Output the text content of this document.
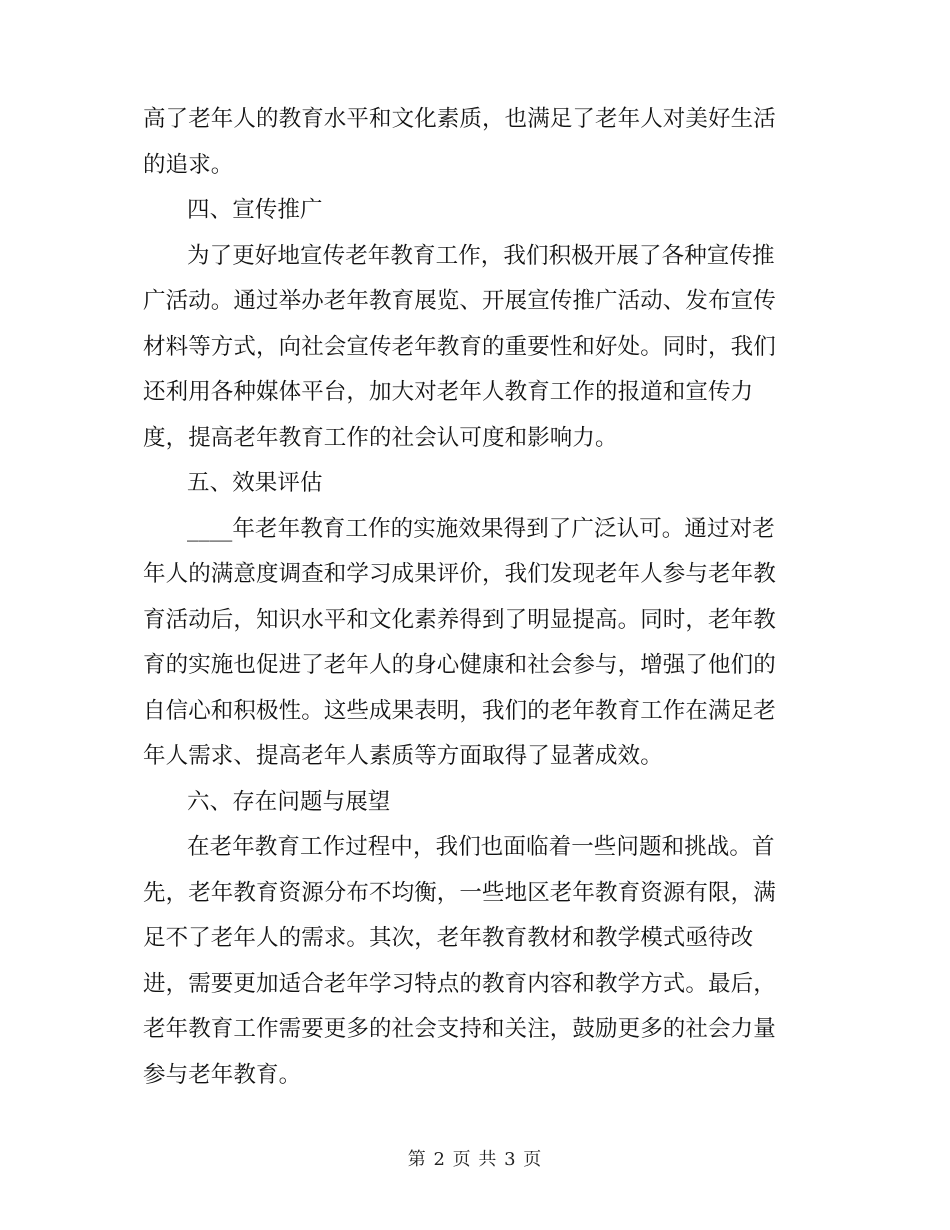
高了老年人的教育水平和文化素质，也满足了老年人对美好生活
的追求。
四、宣传推广
为了更好地宣传老年教育工作，我们积极开展了各种宣传推
广活动。通过举办老年教育展览、开展宣传推广活动、发布宣传
材料等方式，向社会宣传老年教育的重要性和好处。同时，我们
还利用各种媒体平台，加大对老年人教育工作的报道和宣传力
度，提高老年教育工作的社会认可度和影响力。
五、效果评估
____年老年教育工作的实施效果得到了广泛认可。通过对老
年人的满意度调查和学习成果评价，我们发现老年人参与老年教
育活动后，知识水平和文化素养得到了明显提高。同时，老年教
育的实施也促进了老年人的身心健康和社会参与，增强了他们的
自信心和积极性。这些成果表明，我们的老年教育工作在满足老
年人需求、提高老年人素质等方面取得了显著成效。
六、存在问题与展望
在老年教育工作过程中，我们也面临着一些问题和挑战。首
先，老年教育资源分布不均衡，一些地区老年教育资源有限，满
足不了老年人的需求。其次，老年教育教材和教学模式亟待改
进，需要更加适合老年学习特点的教育内容和教学方式。最后，
老年教育工作需要更多的社会支持和关注，鼓励更多的社会力量
参与老年教育。
第 2 页 共 3 页
